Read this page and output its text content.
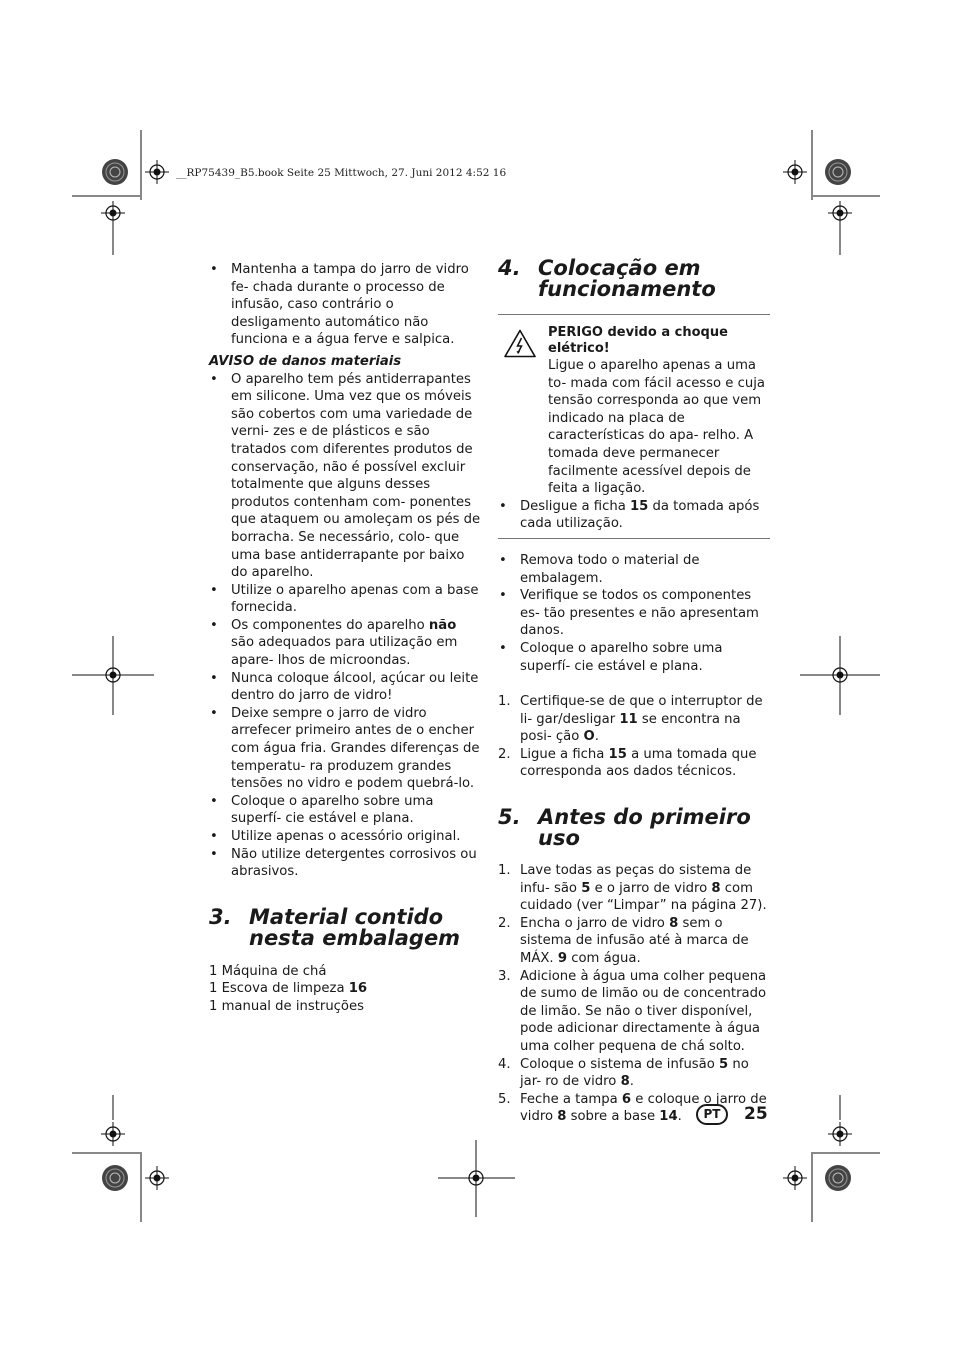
__RP75439_B5.book Seite 25 Mittwoch, 27. Juni 2012 4:52 16
• Mantenha a tampa do jarro de vidro fe- chada durante o processo de infusão, caso contrário o desligamento automático não funciona e a água ferve e salpica.

AVISO de danos materiais

• O aparelho tem pés antiderrapantes em silicone. Uma vez que os móveis são cobertos com uma variedade de verni- zes e de plásticos e são tratados com diferentes produtos de conservação, não é possível excluir totalmente que alguns desses produtos contenham com- ponentes que ataquem ou amoleçam os pés de borracha. Se necessário, colo- que uma base antiderrapante por baixo do aparelho.
• Utilize o aparelho apenas com a base fornecida.
• Os componentes do aparelho não são adequados para utilização em apare- lhos de microondas.
• Nunca coloque álcool, açúcar ou leite dentro do jarro de vidro!
• Deixe sempre o jarro de vidro arrefecer primeiro antes de o encher com água fria. Grandes diferenças de temperatu- ra produzem grandes tensões no vidro e podem quebrá-lo.
• Coloque o aparelho sobre uma superfí- cie estável e plana.
• Utilize apenas o acessório original.
• Não utilize detergentes corrosivos ou abrasivos.
3. Material contido nesta embalagem

1 Máquina de chá

1 Escova de limpeza 16

1 manual de instruções

4. Colocação em funcionamento
PERIGO devido a choque elétrico!
Ligue o aparelho apenas a uma to- mada com fácil acesso e cuja tensão corresponda ao que vem indicado na placa de características do apa- relho. A tomada deve permanecer facilmente acessível depois de feita a ligação.
• Desligue a ficha 15 da tomada após cada utilização.
• Remova todo o material de embalagem.
• Verifique se todos os componentes es- tão presentes e não apresentam danos.
• Coloque o aparelho sobre uma superfí- cie estável e plana.
1. Certifique-se de que o interruptor de li- gar/desligar 11 se encontra na posi- ção O.
2. Ligue a ficha 15 a uma tomada que corresponda aos dados técnicos.
5. Antes do primeiro uso
1. Lave todas as peças do sistema de infu- são 5 e o jarro de vidro 8 com cuidado (ver “Limpar” na página 27).
2. Encha o jarro de vidro 8 sem o sistema de infusão até à marca de MÁX. 9 com água.
3. Adicione à água uma colher pequena de sumo de limão ou de concentrado de limão. Se não o tiver disponível, pode adicionar directamente à água uma colher pequena de chá solto.
4. Coloque o sistema de infusão 5 no jar- ro de vidro 8.
5. Feche a tampa 6 e coloque o jarro de vidro 8 sobre a base 14.	PT	25
